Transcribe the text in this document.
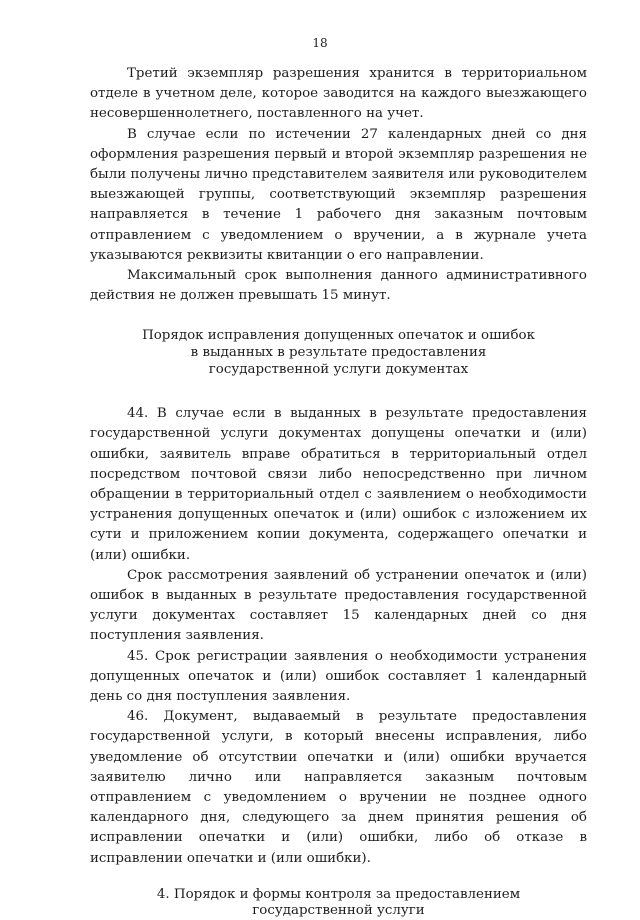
18

Третий экземпляр разрешения хранится в территориальном отделе в учетном деле, которое заводится на каждого выезжающего несовершеннолетнего, поставленного на учет.

В случае если по истечении 27 календарных дней со дня оформления разрешения первый и второй экземпляр разрешения не были получены лично представителем заявителя или руководителем выезжающей группы, соответствующий экземпляр разрешения направляется в течение 1 рабочего дня заказным почтовым отправлением с уведомлением о вручении, а в журнале учета указываются реквизиты квитанции о его направлении.

Максимальный срок выполнения данного административного действия не должен превышать 15 минут.

Порядок исправления допущенных опечаток и ошибок
в выданных в результате предоставления
государственной услуги документах

44. В случае если в выданных в результате предоставления государственной услуги документах допущены опечатки и (или) ошибки, заявитель вправе обратиться в территориальный отдел посредством почтовой связи либо непосредственно при личном обращении в территориальный отдел с заявлением о необходимости устранения допущенных опечаток и (или) ошибок с изложением их сути и приложением копии документа, содержащего опечатки и (или) ошибки.

Срок рассмотрения заявлений об устранении опечаток и (или) ошибок в выданных в результате предоставления государственной услуги документах составляет 15 календарных дней со дня поступления заявления.

45. Срок регистрации заявления о необходимости устранения допущенных опечаток и (или) ошибок составляет 1 календарный день со дня поступления заявления.

46. Документ, выдаваемый в результате предоставления государственной услуги, в который внесены исправления, либо уведомление об отсутствии опечатки и (или) ошибки вручается заявителю лично или направляется заказным почтовым отправлением с уведомлением о вручении не позднее одного календарного дня, следующего за днем принятия решения об исправлении опечатки и (или) ошибки, либо об отказе в исправлении опечатки и (или ошибки).

4. Порядок и формы контроля за предоставлением
государственной услуги
